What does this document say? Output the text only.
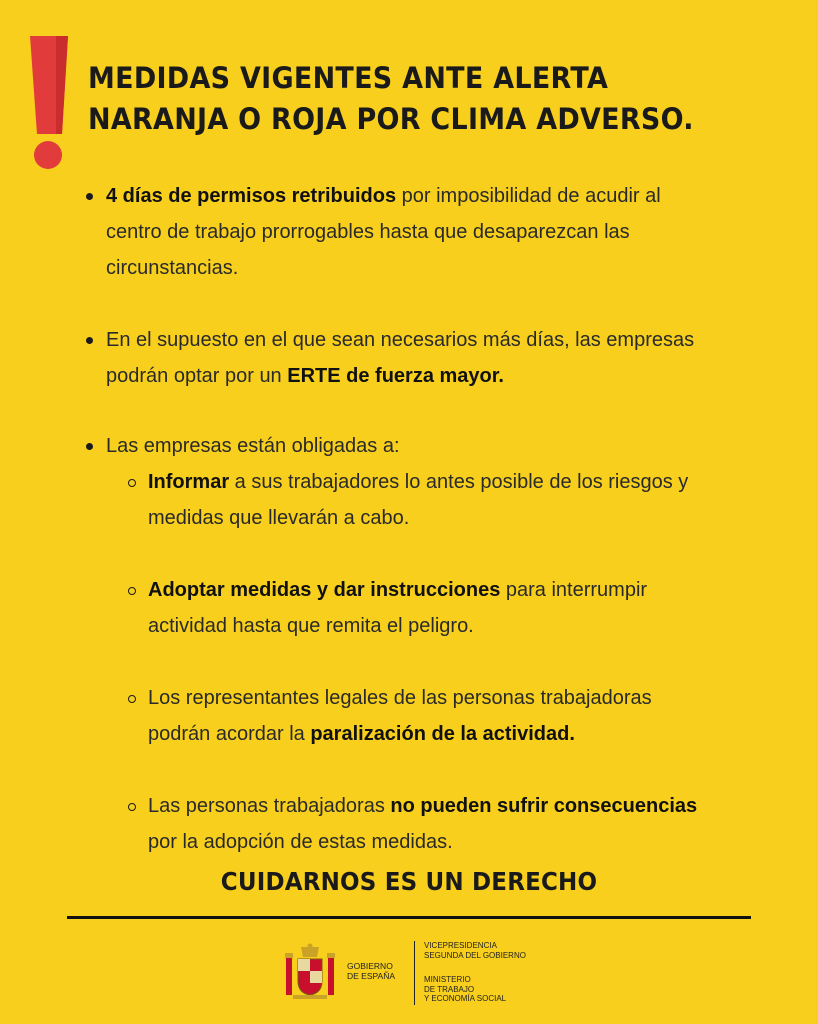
MEDIDAS VIGENTES ANTE ALERTA
NARANJA O ROJA POR CLIMA ADVERSO.
4 días de permisos retribuidos por imposibilidad de acudir al
centro de trabajo prorrogables hasta que desaparezcan las
circunstancias.
En el supuesto en el que sean necesarios más días, las empresas
podrán optar por un ERTE de fuerza mayor.
Las empresas están obligadas a:
Informar a sus trabajadores lo antes posible de los riesgos y
medidas que llevarán a cabo.
Adoptar medidas y dar instrucciones para interrumpir
actividad hasta que remita el peligro.
Los representantes legales de las personas trabajadoras
podrán acordar la paralización de la actividad.
Las personas trabajadoras no pueden sufrir consecuencias
por la adopción de estas medidas.
CUIDARNOS ES UN DERECHO
GOBIERNO
DE ESPAÑA
VICEPRESIDENCIA
SEGUNDA DEL GOBIERNO
MINISTERIO
DE TRABAJO
Y ECONOMÍA SOCIAL
